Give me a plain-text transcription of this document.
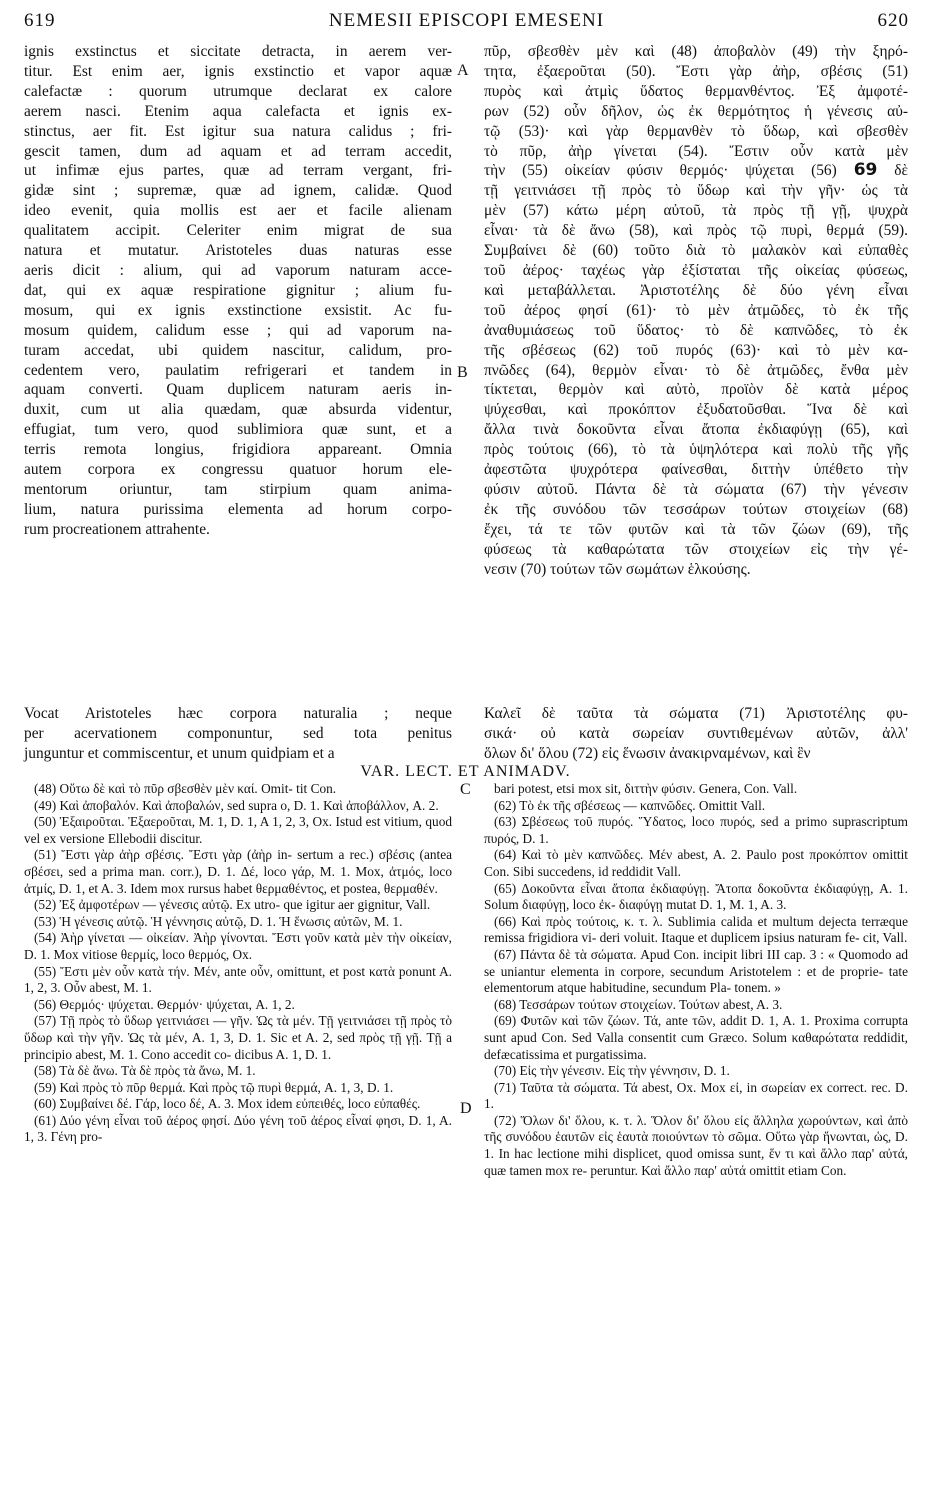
619	NEMESII EPISCOPI EMESENI	620

ignis exstinctus et siccitate detracta, in aerem ver-

titur. Est enim aer, ignis exstinctio et vapor aquæ

calefactæ : quorum utrumque declarat ex calore

aerem nasci. Etenim aqua calefacta et ignis ex-

stinctus, aer fit. Est igitur sua natura calidus ; fri-

gescit tamen, dum ad aquam et ad terram accedit,

ut infimæ ejus partes, quæ ad terram vergant, fri-

gidæ sint ; supremæ, quæ ad ignem, calidæ. Quod

ideo evenit, quia mollis est aer et facile alienam

qualitatem accipit. Celeriter enim migrat de sua

natura et mutatur. Aristoteles duas naturas esse

aeris dicit : alium, qui ad vaporum naturam acce-

dat, qui ex aquæ respiratione gignitur ; alium fu-

mosum, qui ex ignis exstinctione exsistit. Ac fu-

mosum quidem, calidum esse ; qui ad vaporum na-

turam accedat, ubi quidem nascitur, calidum, pro-

cedentem vero, paulatim refrigerari et tandem in

aquam converti. Quam duplicem naturam aeris in-

duxit, cum ut alia quædam, quæ absurda videntur,

effugiat, tum vero, quod sublimiora quæ sunt, et a

terris remota longius, frigidiora appareant. Omnia

autem corpora ex congressu quatuor horum ele-

mentorum oriuntur, tam stirpium quam anima-

lium, natura purissima elementa ad horum corpo-

rum procreationem attrahente.

πῦρ, σβεσθὲν μὲν καὶ (48) ἀποβαλὸν (49) τὴν ξηρό-

τητα, ἐξαεροῦται (50). Ἔστι γὰρ ἀὴρ, σβέσις (51)

πυρὸς καὶ ἀτμὶς ὕδατος θερμανθέντος. Ἐξ ἀμφοτέ-

ρων (52) οὖν δῆλον, ὡς ἐκ θερμότητος ἡ γένεσις αὐ-

τῷ (53)· καὶ γὰρ θερμανθὲν τὸ ὕδωρ, καὶ σβεσθὲν

τὸ πῦρ, ἀὴρ γίνεται (54). Ἔστιν οὖν κατὰ μὲν

τὴν (55) οἰκείαν φύσιν θερμός· ψύχεται (56) 69 δὲ

τῇ γειτνιάσει τῇ πρὸς τὸ ὕδωρ καὶ τὴν γῆν· ὡς τὰ

μὲν (57) κάτω μέρη αὐτοῦ, τὰ πρὸς τῇ γῇ, ψυχρὰ

εἶναι· τὰ δὲ ἄνω (58), καὶ πρὸς τῷ πυρὶ, θερμά (59).

Συμβαίνει δὲ (60) τοῦτο διὰ τὸ μαλακὸν καὶ εὐπαθὲς

τοῦ ἀέρος· ταχέως γὰρ ἐξίσταται τῆς οἰκείας φύσεως,

καὶ μεταβάλλεται. Ἀριστοτέλης δὲ δύο γένη εἶναι

τοῦ ἀέρος φησί (61)· τὸ μὲν ἀτμῶδες, τὸ ἐκ τῆς

ἀναθυμιάσεως τοῦ ὕδατος· τὸ δὲ καπνῶδες, τὸ ἐκ

τῆς σβέσεως (62) τοῦ πυρός (63)· καὶ τὸ μὲν κα-

πνῶδες (64), θερμὸν εἶναι· τὸ δὲ ἀτμῶδες, ἔνθα μὲν

τίκτεται, θερμὸν καὶ αὐτὸ, προϊὸν δὲ κατὰ μέρος

ψύχεσθαι, καὶ προκόπτον ἐξυδατοῦσθαι. Ἵνα δὲ καὶ

ἄλλα τινὰ δοκοῦντα εἶναι ἄτοπα ἐκδιαφύγῃ (65), καὶ

πρὸς τούτοις (66), τὸ τὰ ὑψηλότερα καὶ πολὺ τῆς γῆς

ἀφεστῶτα ψυχρότερα φαίνεσθαι, διττὴν ὑπέθετο τὴν

φύσιν αὐτοῦ. Πάντα δὲ τὰ σώματα (67) τὴν γένεσιν

ἐκ τῆς συνόδου τῶν τεσσάρων τούτων στοιχείων (68)

ἔχει, τά τε τῶν φυτῶν καὶ τὰ τῶν ζώων (69), τῆς

φύσεως τὰ καθαρώτατα τῶν στοιχείων εἰς τὴν γέ-

νεσιν (70) τούτων τῶν σωμάτων ἑλκούσης.

A
B

Vocat Aristoteles hæc corpora naturalia ; neque

per acervationem componuntur, sed tota penitus

junguntur et commiscentur, et unum quidpiam et a

Καλεῖ δὲ ταῦτα τὰ σώματα (71) Ἀριστοτέλης φυ-

σικά· οὐ κατὰ σωρείαν συντιθεμένων αὐτῶν, ἀλλ'

ὅλων δι' ὅλου (72) εἰς ἕνωσιν ἀνακιρναμένων, καὶ ἓν

VAR. LECT. ET ANIMADV.
C
D

(48) Οὕτω δὲ καὶ τὸ πῦρ σβεσθὲν μὲν καί. Omit- tit Con.

(49) Καὶ ἀποβαλόν. Καὶ ἀποβαλών, sed supra o, D. 1. Καὶ ἀποβάλλον, A. 2.

(50) Ἐξαιροῦται. Ἐξαεροῦται, M. 1, D. 1, A 1, 2, 3, Ox. Istud est vitium, quod vel ex versione Ellebodii discitur.

(51) Ἔστι γὰρ ἀὴρ σβέσις. Ἔστι γὰρ (ἀὴρ in- sertum a rec.) σβέσις (antea σβέσει, sed a prima man. corr.), D. 1. Δέ, loco γάρ, M. 1. Mox, ἀτμός, loco ἀτμίς, D. 1, et A. 3. Idem mox rursus habet θερμαθέντος, et postea, θερμαθέν.

(52) Ἐξ ἀμφοτέρων — γένεσις αὐτῷ. Ex utro- que igitur aer gignitur, Vall.

(53) Ἡ γένεσις αὐτῷ. Ἡ γέννησις αὐτῷ, D. 1. Ἡ ἕνωσις αὐτῶν, M. 1.

(54) Ἀὴρ γίνεται — οἰκείαν. Ἀὴρ γίνονται. Ἔστι γοῦν κατὰ μὲν τὴν οἰκείαν, D. 1. Mox vitiose θερμίς, loco θερμός, Ox.

(55) Ἔστι μὲν οὖν κατὰ τήν. Μέν, ante οὖν, omittunt, et post κατὰ ponunt A. 1, 2, 3. Οὖν abest, M. 1.

(56) Θερμός· ψύχεται. Θερμόν· ψύχεται, A. 1, 2.

(57) Τῇ πρὸς τὸ ὕδωρ γειτνιάσει — γῆν. Ὡς τὰ μέν. Τῇ γειτνιάσει τῇ πρὸς τὸ ὕδωρ καὶ τὴν γῆν. Ὡς τὰ μέν, A. 1, 3, D. 1. Sic et A. 2, sed πρὸς τῇ γῇ. Τῇ a principio abest, M. 1. Cono accedit co- dicibus A. 1, D. 1.

(58) Τὰ δὲ ἄνω. Τὰ δὲ πρὸς τὰ ἄνω, M. 1.

(59) Καὶ πρὸς τὸ πῦρ θερμά. Καὶ πρὸς τῷ πυρὶ θερμά, A. 1, 3, D. 1.

(60) Συμβαίνει δέ. Γάρ, loco δέ, A. 3. Mox idem εὐπειθές, loco εὐπαθές.

(61) Δύο γένη εἶναι τοῦ ἀέρος φησί. Δύο γένη τοῦ ἀέρος εἶναί φησι, D. 1, A. 1, 3. Γένη pro-

bari potest, etsi mox sit, διττὴν φύσιν. Genera, Con. Vall.

(62) Τὸ ἐκ τῆς σβέσεως — καπνῶδες. Omittit Vall.

(63) Σβέσεως τοῦ πυρός. Ὕδατος, loco πυρός, sed a primo suprascriptum πυρός, D. 1.

(64) Καὶ τὸ μὲν καπνῶδες. Μέν abest, A. 2. Paulo post προκόπτον omittit Con. Sibi succedens, id reddidit Vall.

(65) Δοκοῦντα εἶναι ἄτοπα ἐκδιαφύγῃ. Ἄτοπα δοκοῦντα ἐκδιαφύγῃ, A. 1. Solum διαφύγῃ, loco ἐκ- διαφύγῃ mutat D. 1, M. 1, A. 3.

(66) Καὶ πρὸς τούτοις, κ. τ. λ. Sublimia calida et multum dejecta terræque remissa frigidiora vi- deri voluit. Itaque et duplicem ipsius naturam fe- cit, Vall.

(67) Πάντα δὲ τὰ σώματα. Apud Con. incipit libri III cap. 3 : « Quomodo ad se uniantur elementa in corpore, secundum Aristotelem : et de proprie- tate elementorum atque habitudine, secundum Pla- tonem. »

(68) Τεσσάρων τούτων στοιχείων. Τούτων abest, A. 3.

(69) Φυτῶν καὶ τῶν ζώων. Τά, ante τῶν, addit D. 1, A. 1. Proxima corrupta sunt apud Con. Sed Valla consentit cum Græco. Solum καθαρώτατα reddidit, defæcatissima et purgatissima.

(70) Εἰς τὴν γένεσιν. Εἰς τὴν γέννησιν, D. 1.

(71) Ταῦτα τὰ σώματα. Τά abest, Ox. Mox εἰ, in σωρείαν ex correct. rec. D. 1.

(72) Ὅλων δι' ὅλου, κ. τ. λ. Ὅλον δι' ὅλου εἰς ἄλληλα χωρούντων, καὶ ἀπὸ τῆς συνόδου ἑαυτῶν εἰς ἑαυτὰ ποιούντων τὸ σῶμα. Οὕτω γὰρ ἥνωνται, ὡς, D. 1. In hac lectione mihi displicet, quod omissa sunt, ἕν τι καὶ ἄλλο παρ' αὐτά, quæ tamen mox re- peruntur. Καὶ ἄλλο παρ' αὐτά omittit etiam Con.
